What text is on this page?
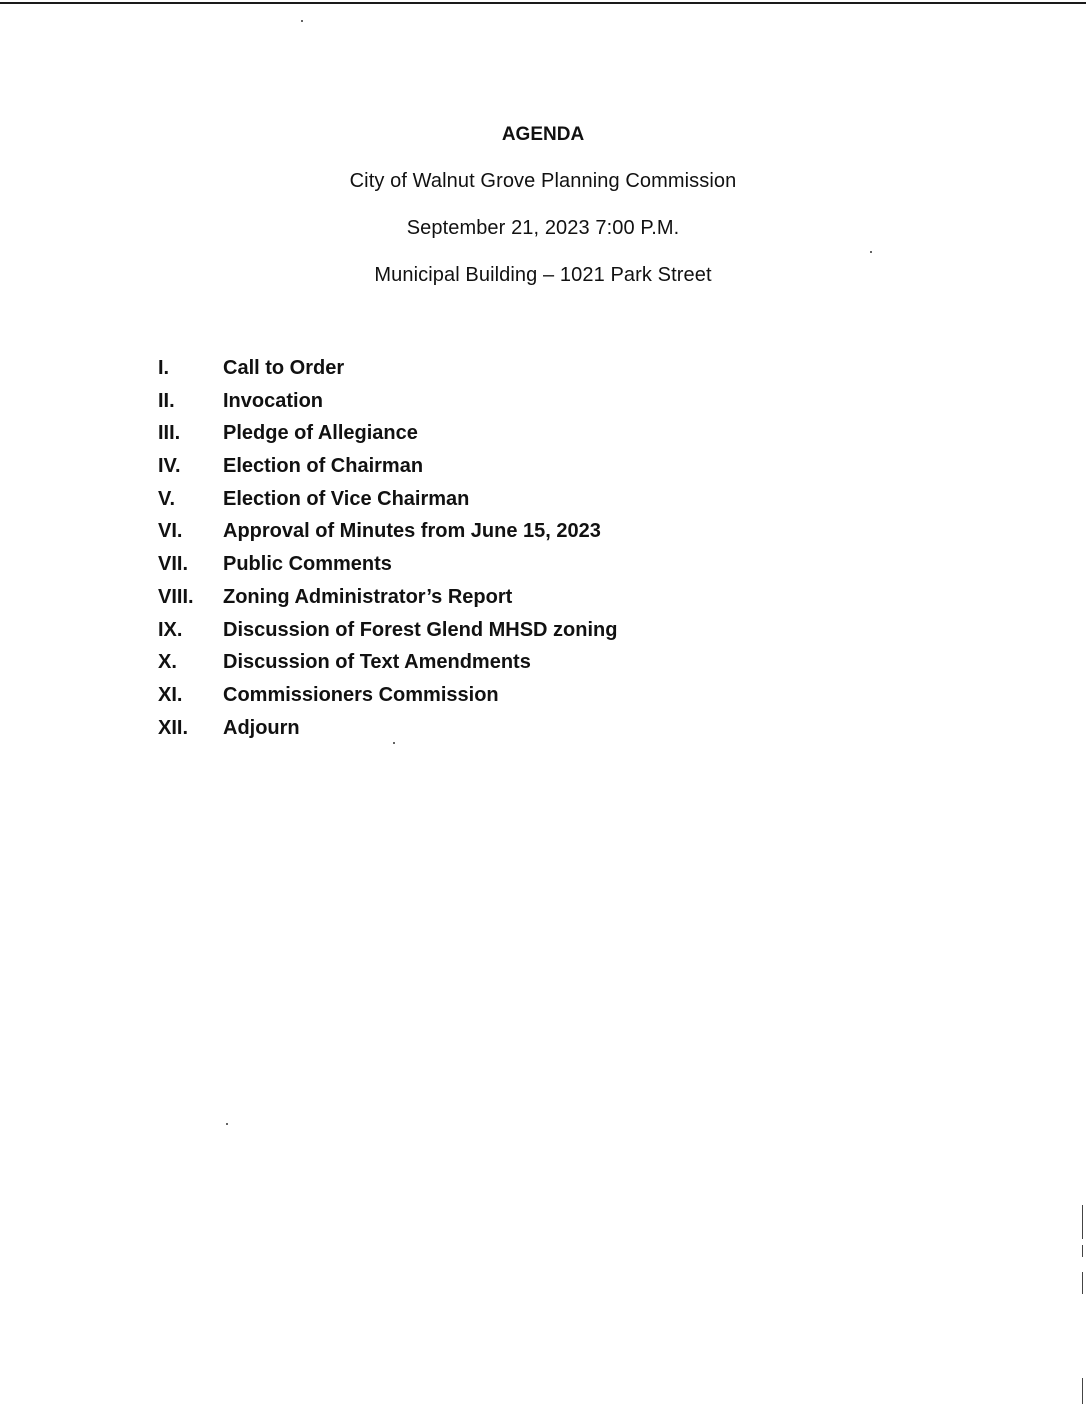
AGENDA
City of Walnut Grove Planning Commission
September 21, 2023 7:00 P.M.
Municipal Building – 1021 Park Street
I.	Call to Order
II.	Invocation
III.	Pledge of Allegiance
IV.	Election of Chairman
V.	Election of Vice Chairman
VI.	Approval of Minutes from June 15, 2023
VII.	Public Comments
VIII.	Zoning Administrator’s Report
IX.	Discussion of Forest Glend MHSD zoning
X.	Discussion of Text Amendments
XI.	Commissioners Commission
XII.	Adjourn
